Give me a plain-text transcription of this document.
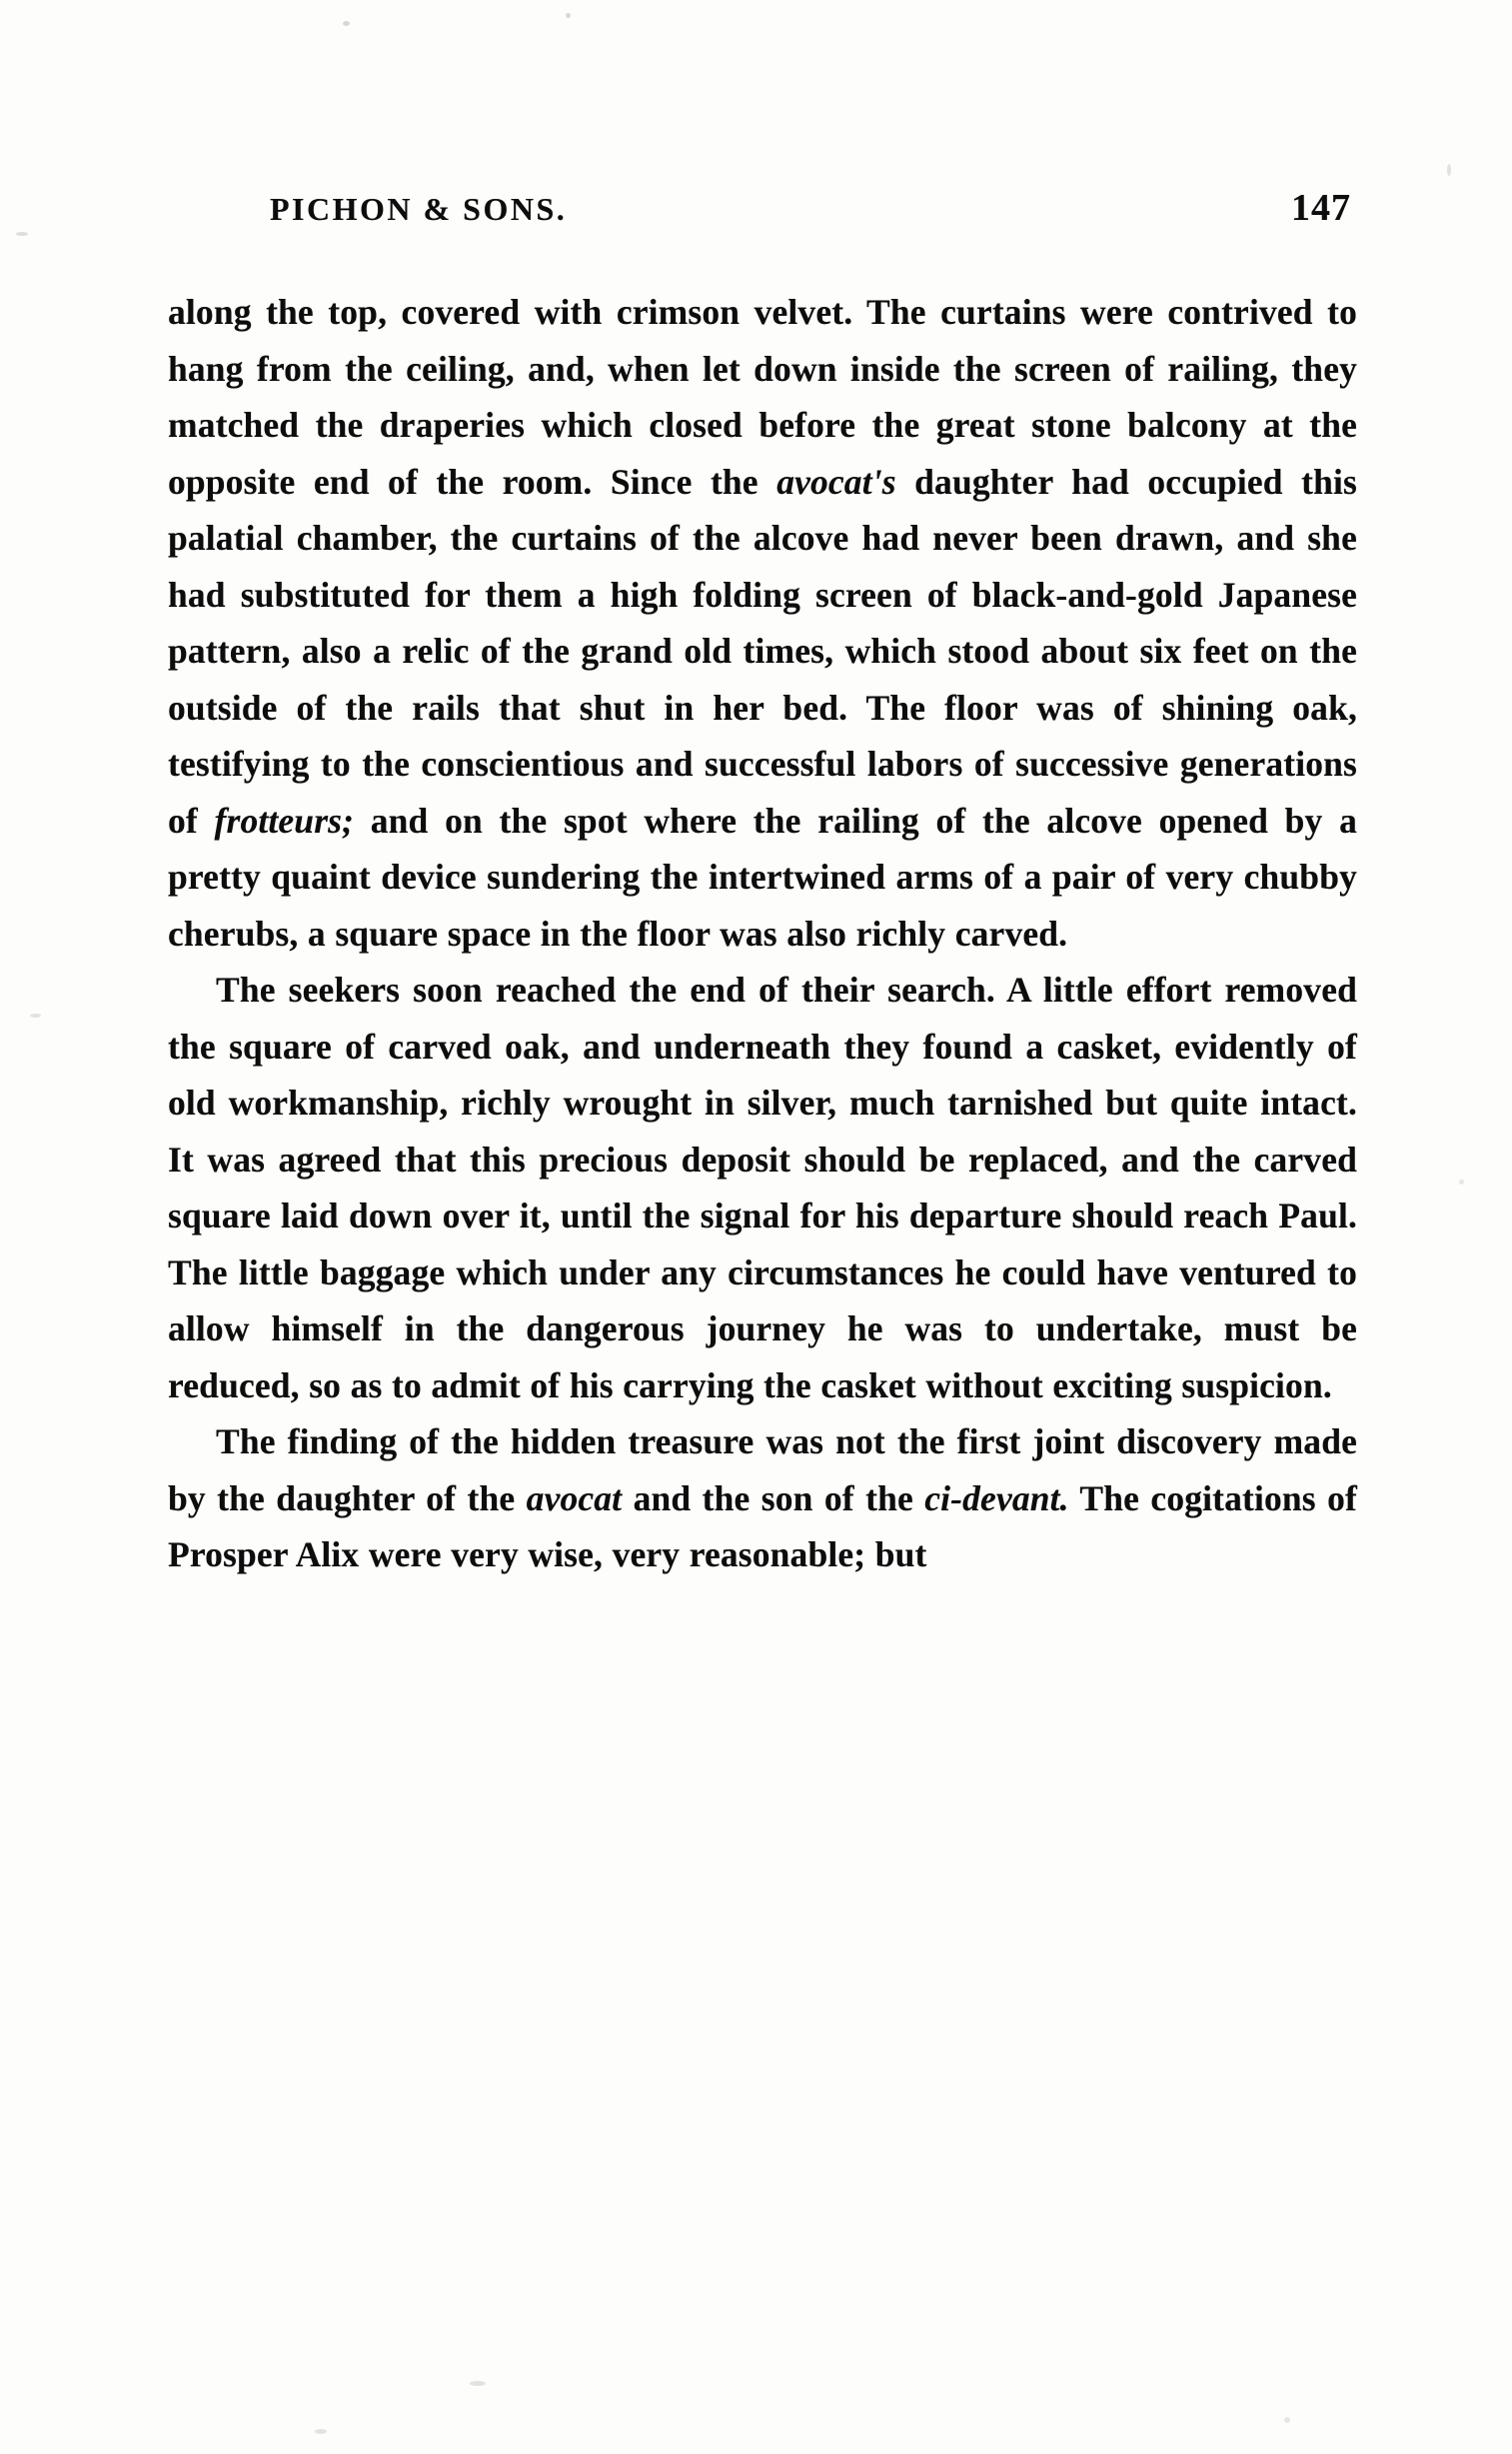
PICHON & SONS.	147

along the top, covered with crimson velvet. The curtains were contrived to hang from the ceiling, and, when let down inside the screen of railing, they matched the draperies which closed before the great stone balcony at the opposite end of the room. Since the avocat's daughter had occupied this palatial chamber, the curtains of the alcove had never been drawn, and she had substituted for them a high folding screen of black-and-gold Japanese pattern, also a relic of the grand old times, which stood about six feet on the outside of the rails that shut in her bed. The floor was of shining oak, testifying to the conscientious and successful labors of successive generations of frotteurs; and on the spot where the railing of the alcove opened by a pretty quaint device sundering the intertwined arms of a pair of very chubby cherubs, a square space in the floor was also richly carved.

The seekers soon reached the end of their search. A little effort removed the square of carved oak, and underneath they found a casket, evidently of old workmanship, richly wrought in silver, much tarnished but quite intact. It was agreed that this precious deposit should be replaced, and the carved square laid down over it, until the signal for his departure should reach Paul. The little baggage which under any circumstances he could have ventured to allow himself in the dangerous journey he was to undertake, must be reduced, so as to admit of his carrying the casket without exciting suspicion.

The finding of the hidden treasure was not the first joint discovery made by the daughter of the avocat and the son of the ci-devant. The cogitations of Prosper Alix were very wise, very reasonable; but
